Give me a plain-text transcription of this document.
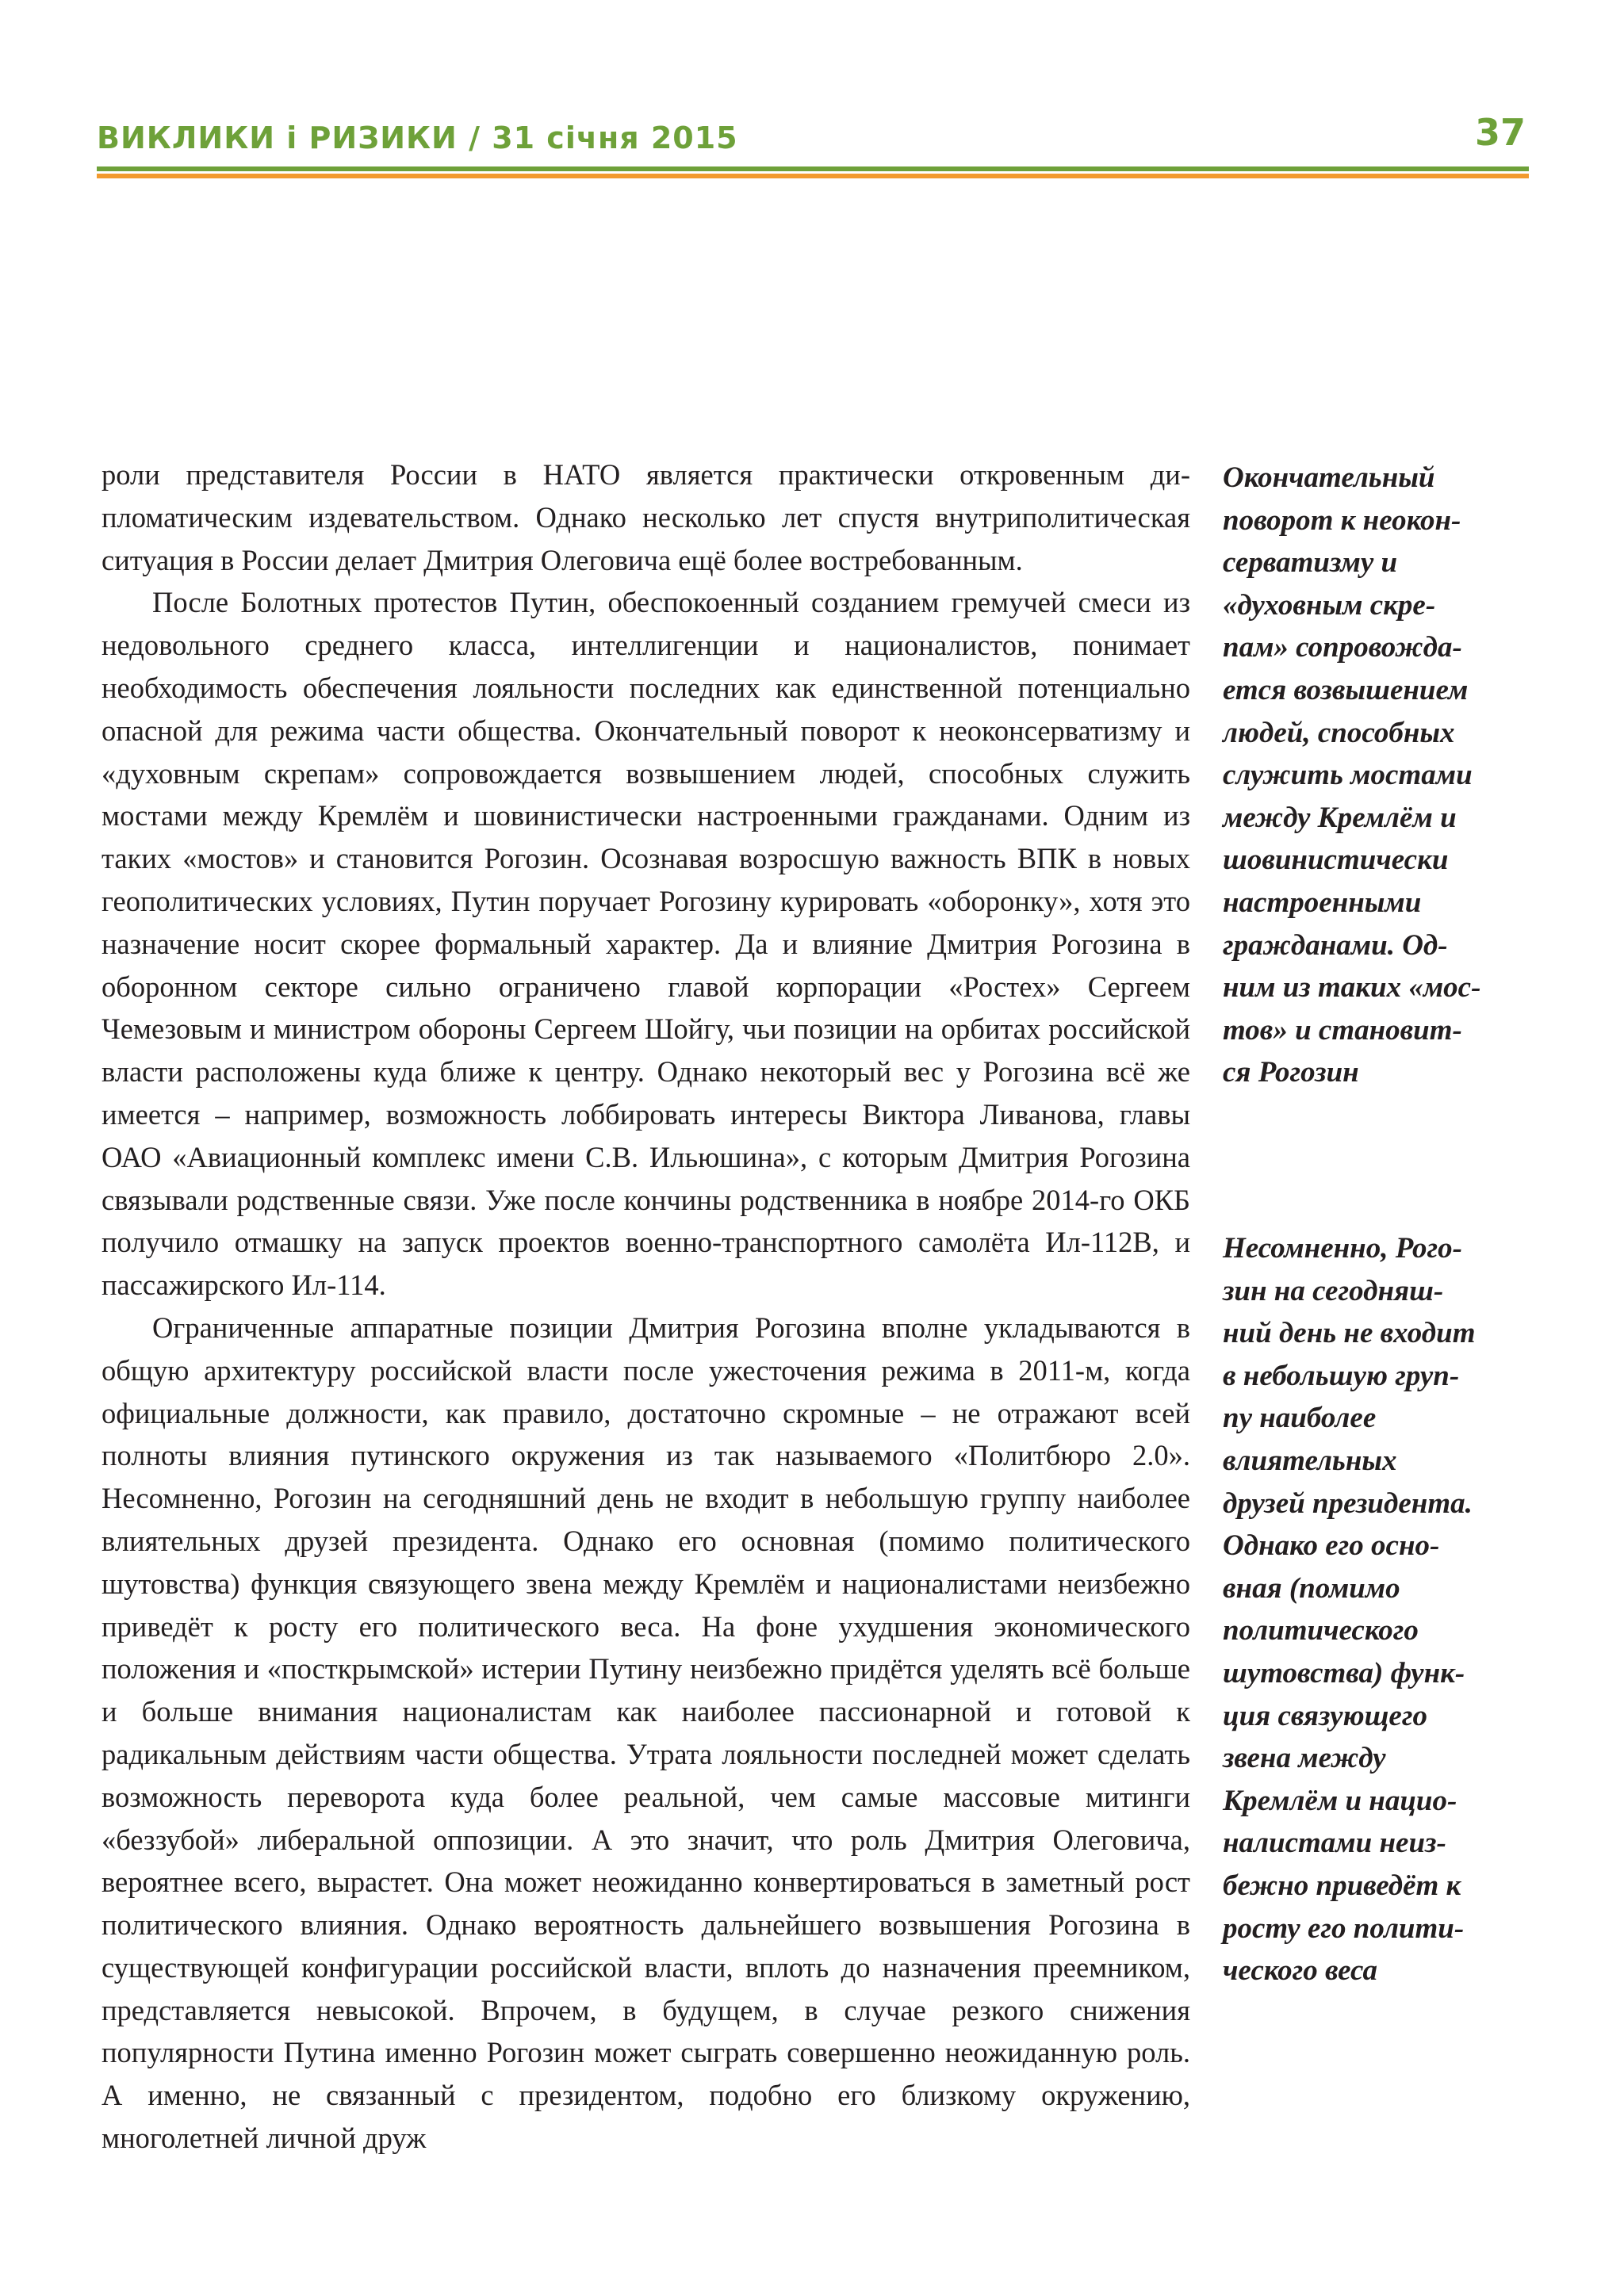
ВИКЛИКИ і РИЗИКИ / 31 січня 2015	37

роли представителя России в НАТО является практически откровенным дипломатическим издевательством. Однако несколько лет спустя внутриполитическая ситуация в России делает Дмитрия Олеговича ещё более востребованным.

После Болотных протестов Путин, обеспокоенный созданием гремучей смеси из недовольного среднего класса, интеллигенции и националистов, понимает необходимость обеспечения лояльности последних как единственной потенциально опасной для режима части общества. Окончательный поворот к неоконсерватизму и «духовным скрепам» сопровождается возвышением людей, способных служить мостами между Кремлём и шовинистически настроенными гражданами. Одним из таких «мостов» и становится Рогозин. Осознавая возросшую важность ВПК в новых геополитических условиях, Путин поручает Рогозину курировать «оборонку», хотя это назначение носит скорее формальный характер. Да и влияние Дмитрия Рогозина в оборонном секторе сильно ограничено главой корпорации «Ростех» Сергеем Чемезовым и министром обороны Сергеем Шойгу, чьи позиции на орбитах российской власти расположены куда ближе к центру. Однако некоторый вес у Рогозина всё же имеется – например, возможность лоббировать интересы Виктора Ливанова, главы ОАО «Авиационный комплекс имени С.В. Ильюшина», с которым Дмитрия Рогозина связывали родственные связи. Уже после кончины родственника в ноябре 2014-го ОКБ получило отмашку на запуск проектов военно-транспортного самолёта Ил-112В, и пассажирского Ил-114.

Ограниченные аппаратные позиции Дмитрия Рогозина вполне укладываются в общую архитектуру российской власти после ужесточения режима в 2011-м, когда официальные должности, как правило, достаточно скромные – не отражают всей полноты влияния путинского окружения из так называемого «Политбюро 2.0». Несомненно, Рогозин на сегодняшний день не входит в небольшую группу наиболее влиятельных друзей президента. Однако его основная (помимо политического шутовства) функция связующего звена между Кремлём и националистами неизбежно приведёт к росту его политического веса. На фоне ухудшения экономического положения и «посткрымской» истерии Путину неизбежно придётся уделять всё больше и больше внимания националистам как наиболее пассионарной и готовой к радикальным действиям части общества. Утрата лояльности последней может сделать возможность переворота куда более реальной, чем самые массовые митинги «беззубой» либеральной оппозиции. А это значит, что роль Дмитрия Олеговича, вероятнее всего, вырастет. Она может неожиданно конвертироваться в заметный рост политического влияния. Однако вероятность дальнейшего возвышения Рогозина в существующей конфигурации российской власти, вплоть до назначения преемником, представляется невысокой. Впрочем, в будущем, в случае резкого снижения популярности Путина именно Рогозин может сыграть совершенно неожиданную роль. А именно, не связанный с президентом, подобно его близкому окружению, многолетней личной друж

Окончательный
поворот к неокон-
серватизму и
«духовным скре-
пам» сопровожда-
ется возвышением
людей, способных
служить мостами
между Кремлём и
шовинистически
настроенными
гражданами. Од-
ним из таких «мос-
тов» и становит-
ся Рогозин
Несомненно, Рого-
зин на сегодняш-
ний день не входит
в небольшую груп-
пу наиболее
влиятельных
друзей президента.
Однако его осно-
вная (помимо
политического
шутовства) функ-
ция связующего
звена между
Кремлём и нацио-
налистами неиз-
бежно приведёт к
росту его полити-
ческого веса
